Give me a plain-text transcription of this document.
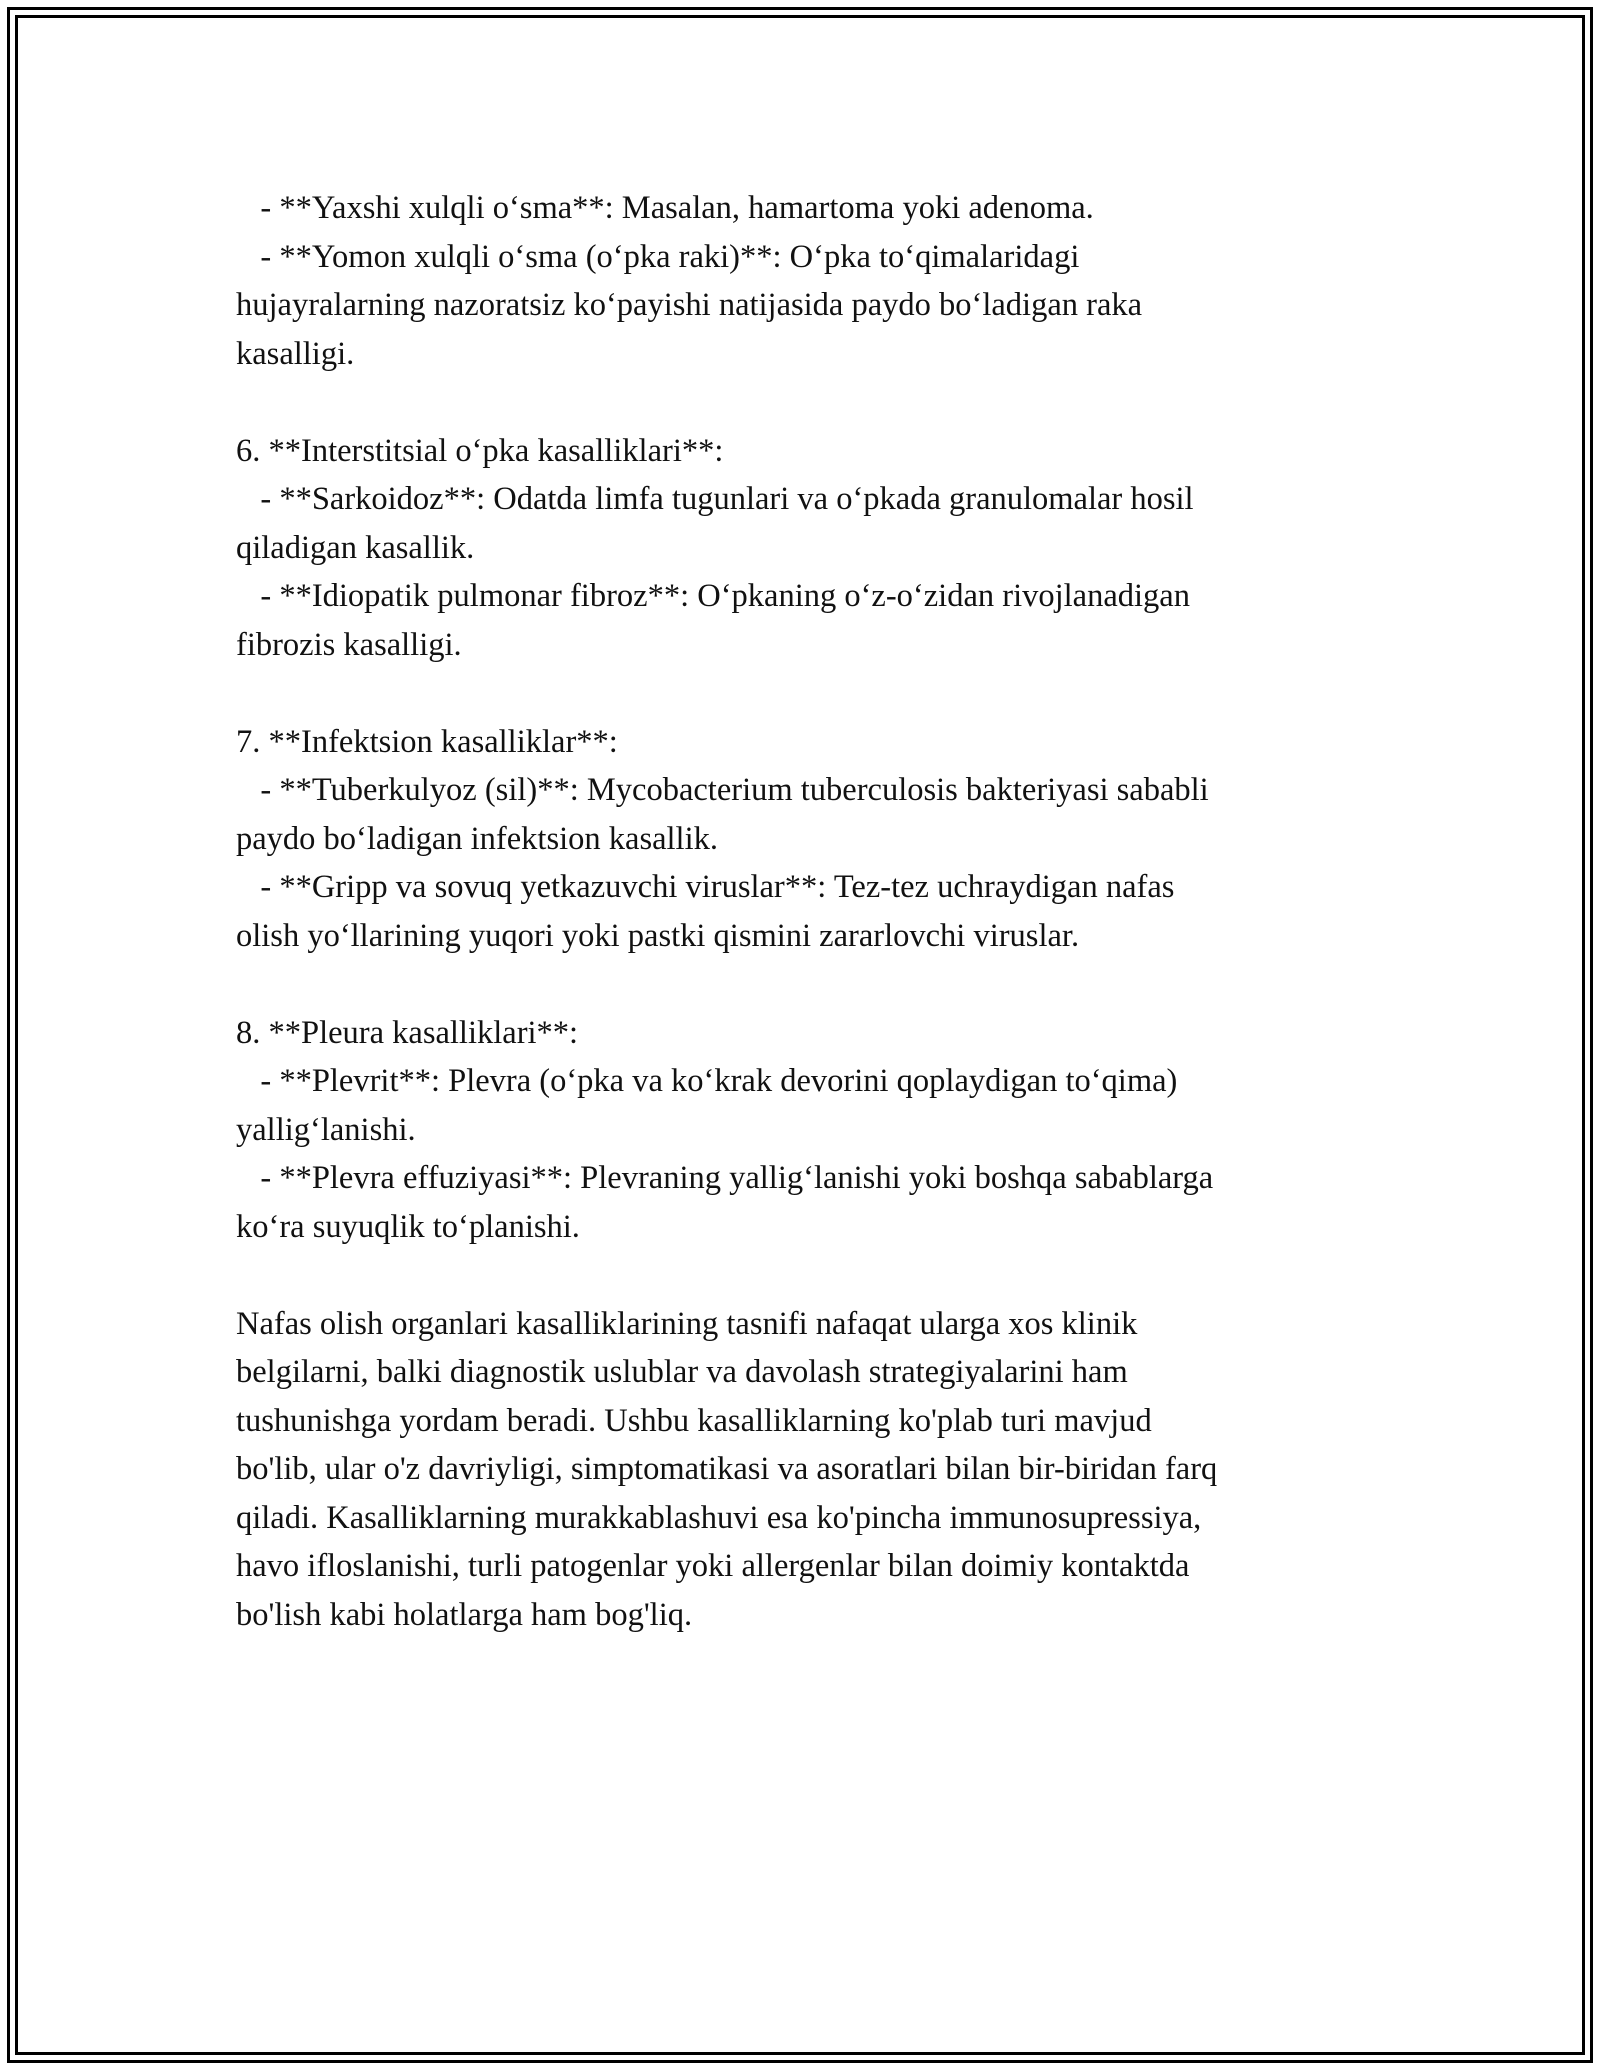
- **Yaxshi xulqli o‘sma**: Masalan, hamartoma yoki adenoma.
- **Yomon xulqli o‘sma (o‘pka raki)**: O‘pka to‘qimalaridagi
hujayralarning nazoratsiz ko‘payishi natijasida paydo bo‘ladigan raka
kasalligi.
6. **Interstitsial o‘pka kasalliklari**:
- **Sarkoidoz**: Odatda limfa tugunlari va o‘pkada granulomalar hosil
qiladigan kasallik.
- **Idiopatik pulmonar fibroz**: O‘pkaning o‘z-o‘zidan rivojlanadigan
fibrozis kasalligi.
7. **Infektsion kasalliklar**:
- **Tuberkulyoz (sil)**: Mycobacterium tuberculosis bakteriyasi sababli
paydo bo‘ladigan infektsion kasallik.
- **Gripp va sovuq yetkazuvchi viruslar**: Tez-tez uchraydigan nafas
olish yo‘llarining yuqori yoki pastki qismini zararlovchi viruslar.
8. **Pleura kasalliklari**:
- **Plevrit**: Plevra (o‘pka va ko‘krak devorini qoplaydigan to‘qima)
yallig‘lanishi.
- **Plevra effuziyasi**: Plevraning yallig‘lanishi yoki boshqa sabablarga
ko‘ra suyuqlik to‘planishi.
Nafas olish organlari kasalliklarining tasnifi nafaqat ularga xos klinik
belgilarni, balki diagnostik uslublar va davolash strategiyalarini ham
tushunishga yordam beradi. Ushbu kasalliklarning ko'plab turi mavjud
bo'lib, ular o'z davriyligi, simptomatikasi va asoratlari bilan bir-biridan farq
qiladi. Kasalliklarning murakkablashuvi esa ko'pincha immunosupressiya,
havo ifloslanishi, turli patogenlar yoki allergenlar bilan doimiy kontaktda
bo'lish kabi holatlarga ham bog'liq.
